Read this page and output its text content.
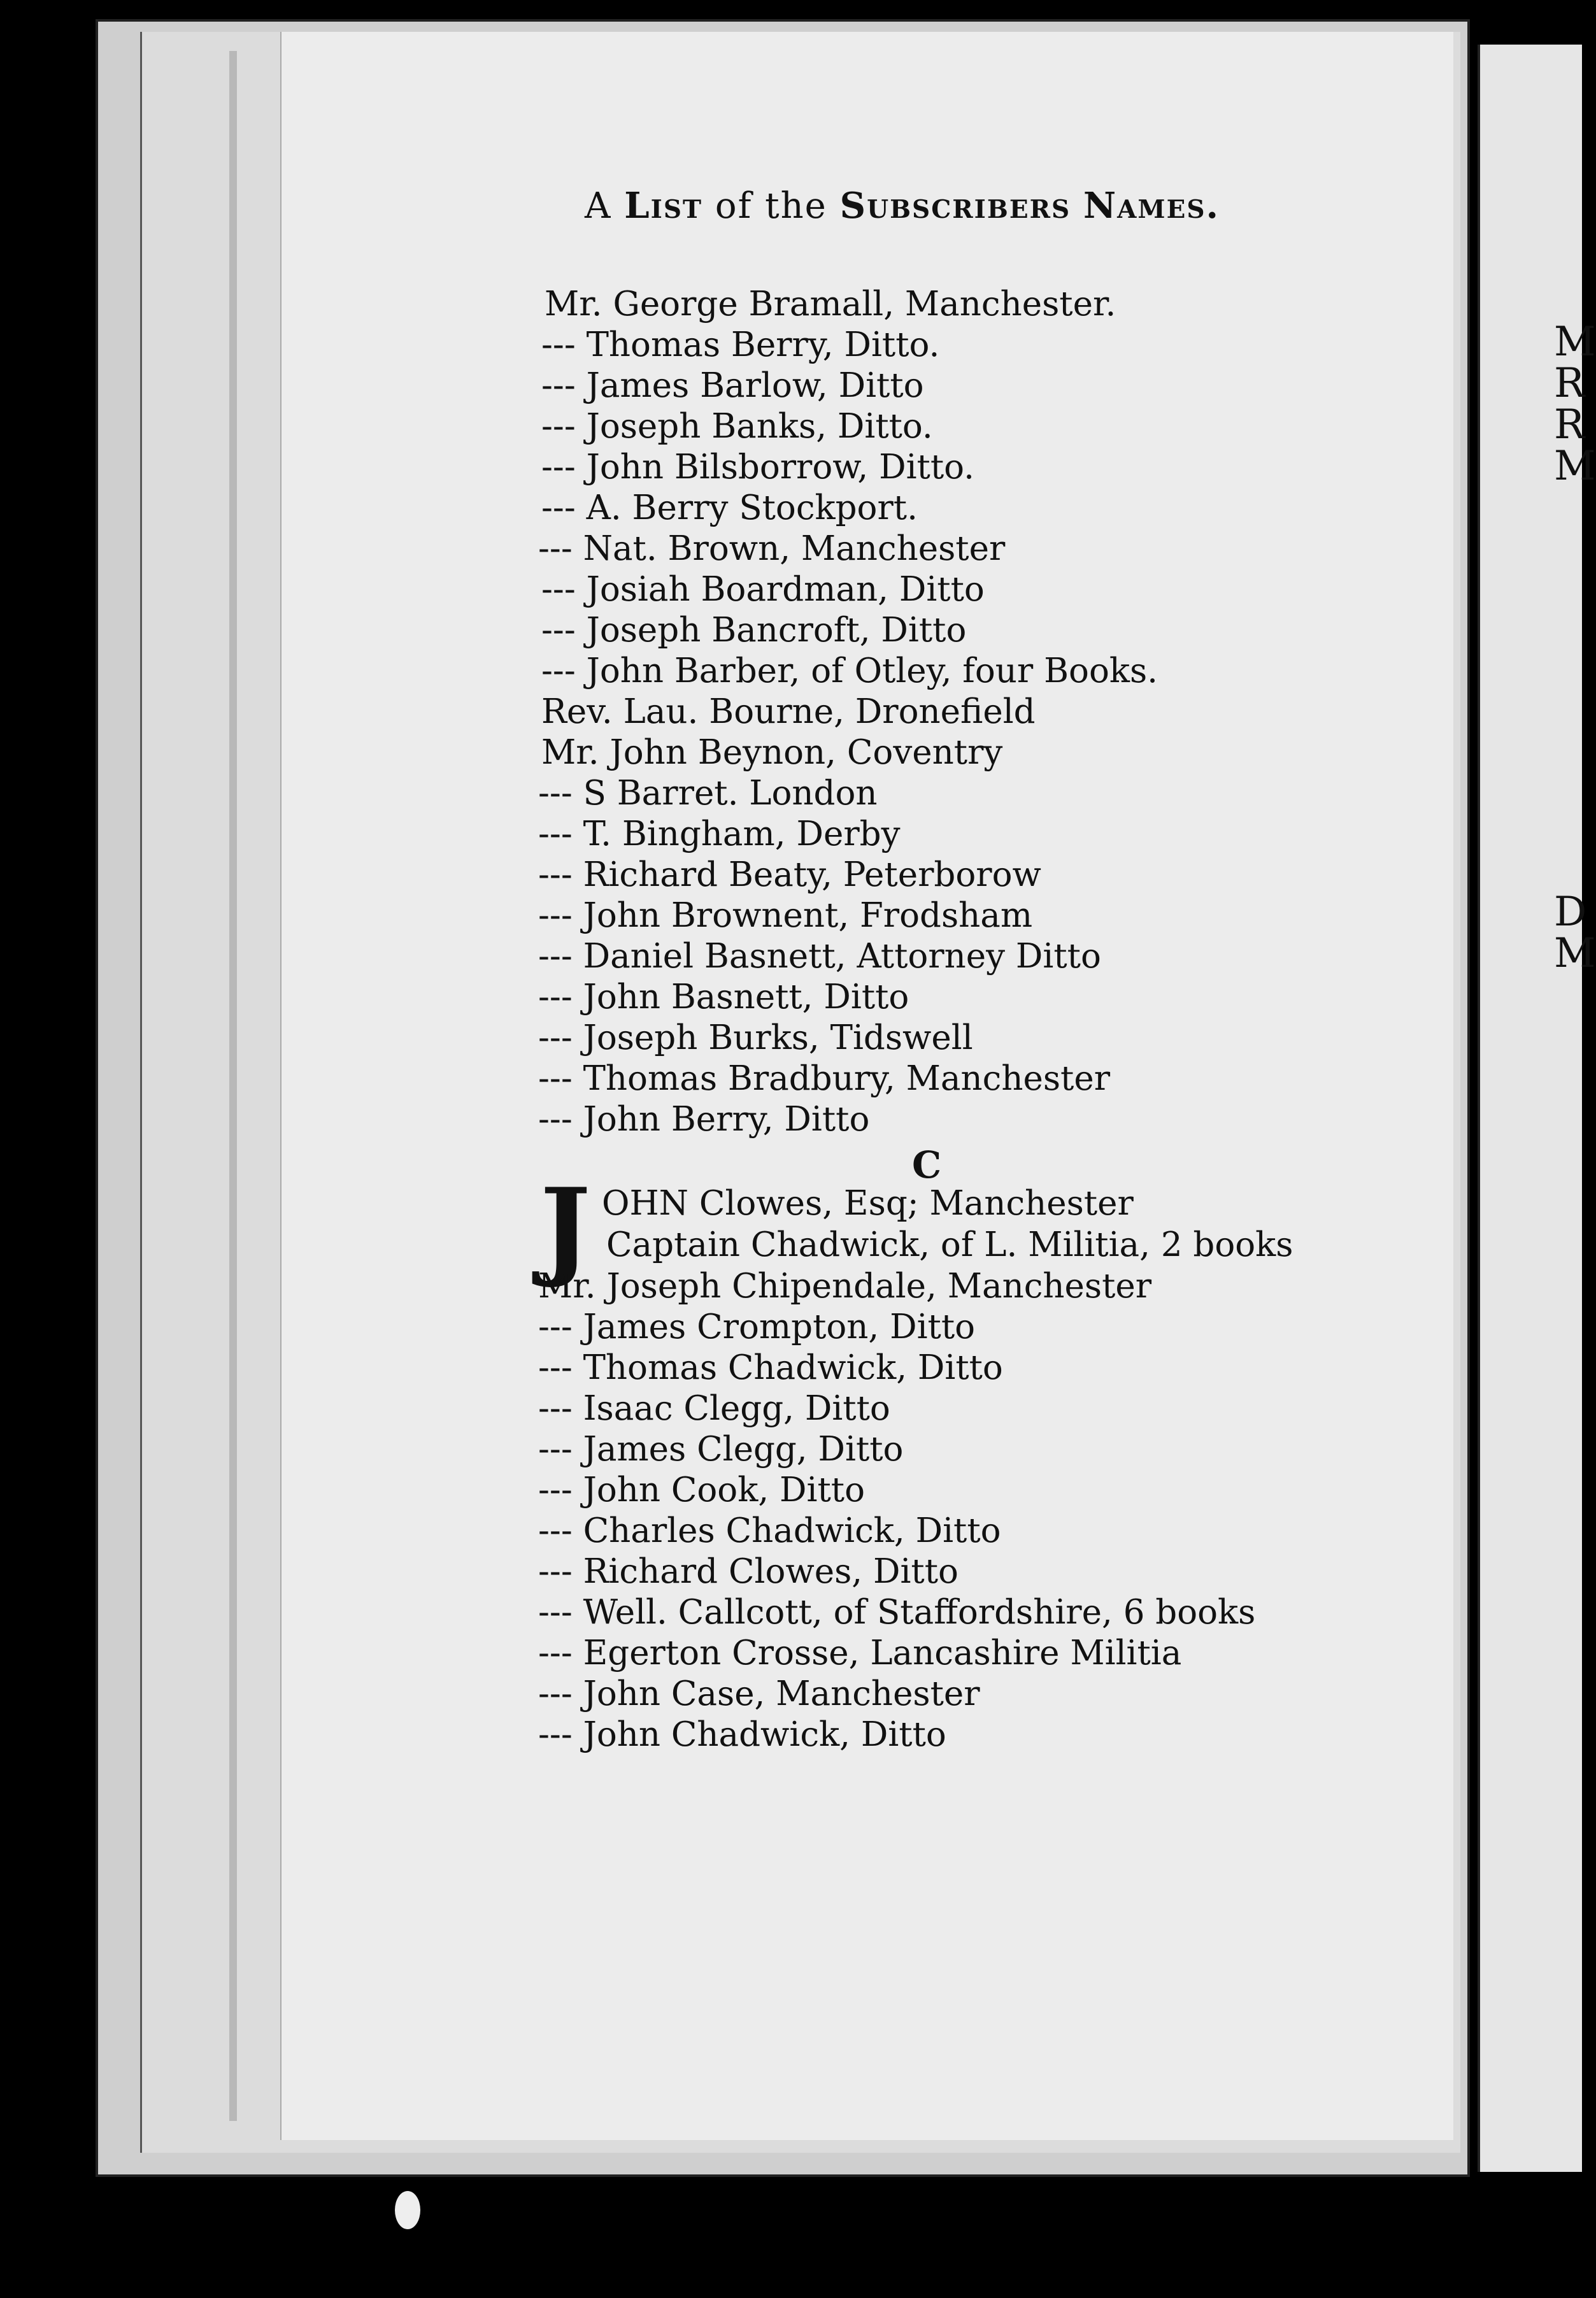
M
R
R
M
D
M
A List of the Subscribers Names.
Mr. George Bramall, Manchester.
--- Thomas Berry, Ditto.
--- James Barlow, Ditto
--- Joseph Banks, Ditto.
--- John Bilsborrow, Ditto.
--- A. Berry Stockport.
--- Nat. Brown, Manchester
--- Josiah Boardman, Ditto
--- Joseph Bancroft, Ditto
--- John Barber, of Otley, four Books.
Rev. Lau. Bourne, Dronefield
Mr. John Beynon, Coventry
--- S Barret. London
--- T. Bingham, Derby
--- Richard Beaty, Peterborow
--- John Brownent, Frodsham
--- Daniel Basnett, Attorney Ditto
--- John Basnett, Ditto
--- Joseph Burks, Tidswell
--- Thomas Bradbury, Manchester
--- John Berry, Ditto
C
J OHN Clowes, Esq; Manchester
Captain Chadwick, of L. Militia, 2 books
Mr. Joseph Chipendale, Manchester
--- James Crompton, Ditto
--- Thomas Chadwick, Ditto
--- Isaac Clegg, Ditto
--- James Clegg, Ditto
--- John Cook, Ditto
--- Charles Chadwick, Ditto
--- Richard Clowes, Ditto
--- Well. Callcott, of Staffordshire, 6 books
--- Egerton Crosse, Lancashire Militia
--- John Case, Manchester
--- John Chadwick, Ditto
